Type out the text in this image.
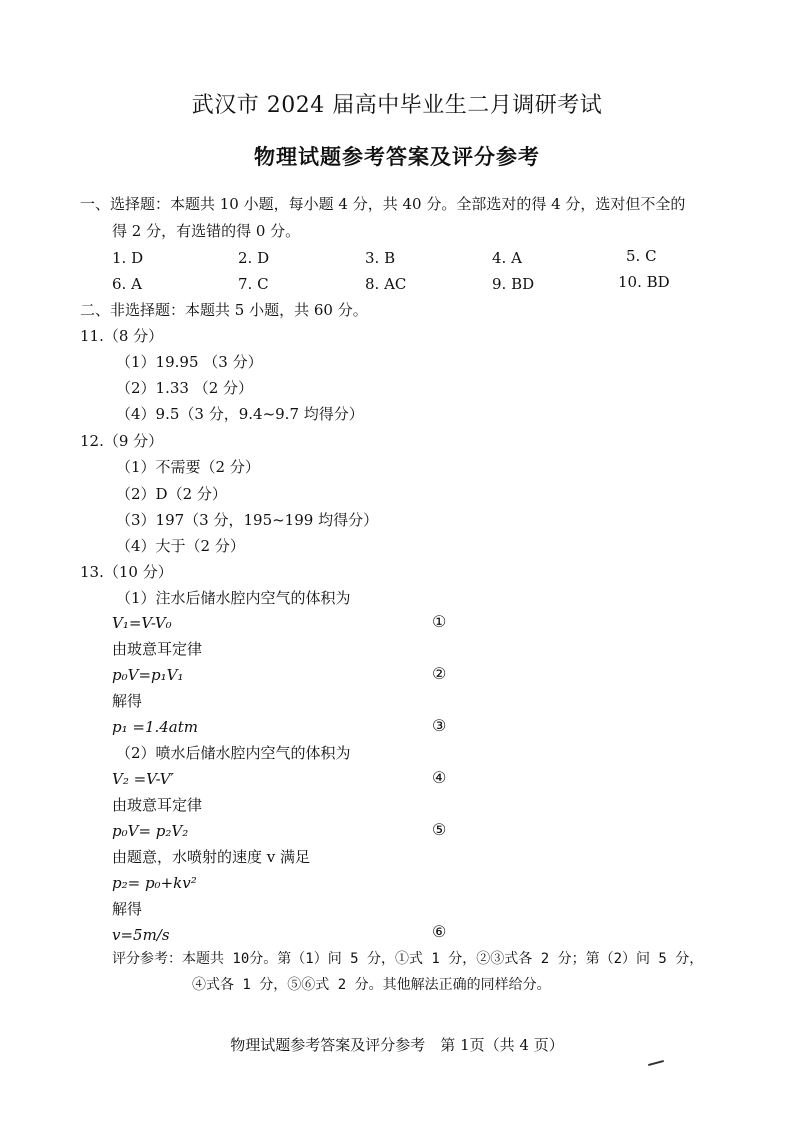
武汉市 2024 届高中毕业生二月调研考试
物理试题参考答案及评分参考
一、选择题：本题共 10 小题，每小题 4 分，共 40 分。全部选对的得 4 分，选对但不全的
得 2 分，有选错的得 0 分。
1. D	2. D	3. B	4. A	5. C
6. A	7. C	8. AC	9. BD	10. BD
二、非选择题：本题共 5 小题，共 60 分。
11.（8 分）
（1）19.95 （3 分）
（2）1.33 （2 分）
（4）9.5（3 分，9.4~9.7 均得分）
12.（9 分）
（1）不需要（2 分）
（2）D（2 分）
（3）197（3 分，195~199 均得分）
（4）大于（2 分）
13.（10 分）
（1）注水后储水腔内空气的体积为
V₁=V-V₀	①
由玻意耳定律
p₀V=p₁V₁	②
解得
p₁ =1.4atm	③
（2）喷水后储水腔内空气的体积为
V₂ =V-V′	④
由玻意耳定律
p₀V= p₂V₂	⑤
由题意，水喷射的速度 v 满足
p₂= p₀+kv²
解得
v=5m/s	⑥
评分参考：本题共 10分。第（1）问 5 分，①式 1 分，②③式各 2 分；第（2）问 5 分，
④式各 1 分，⑤⑥式 2 分。其他解法正确的同样给分。
物理试题参考答案及评分参考　第 1页（共 4 页）
